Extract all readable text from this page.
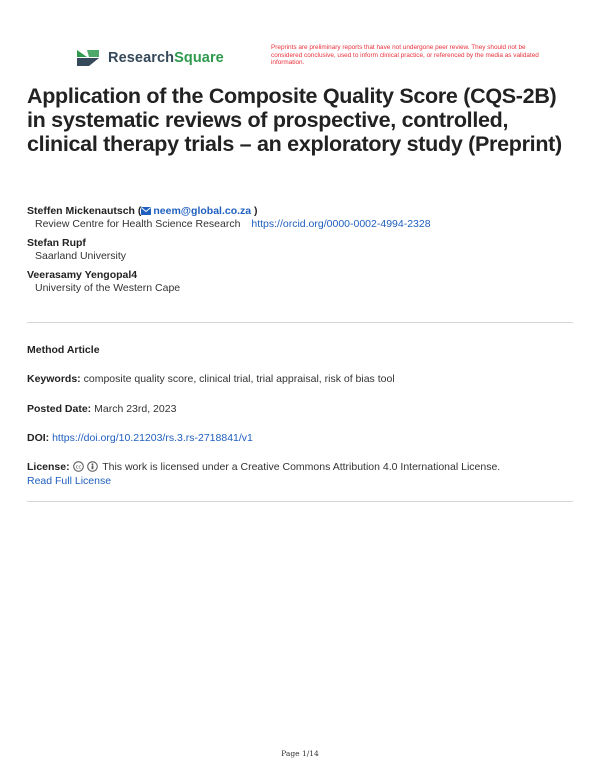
ResearchSquare
Preprints are preliminary reports that have not undergone peer review. They should not be considered conclusive, used to inform clinical practice, or referenced by the media as validated information.
Application of the Composite Quality Score (CQS-2B) in systematic reviews of prospective, controlled, clinical therapy trials – an exploratory study (Preprint)
Steffen Mickenautsch ( neem@global.co.za )
Review Centre for Health Science Research https://orcid.org/0000-0002-4994-2328
Stefan Rupf
Saarland University
Veerasamy Yengopal4
University of the Western Cape
Method Article
Keywords: composite quality score, clinical trial, trial appraisal, risk of bias tool
Posted Date: March 23rd, 2023
DOI: https://doi.org/10.21203/rs.3.rs-2718841/v1
License: cc This work is licensed under a Creative Commons Attribution 4.0 International License.
Read Full License
Page 1/14
